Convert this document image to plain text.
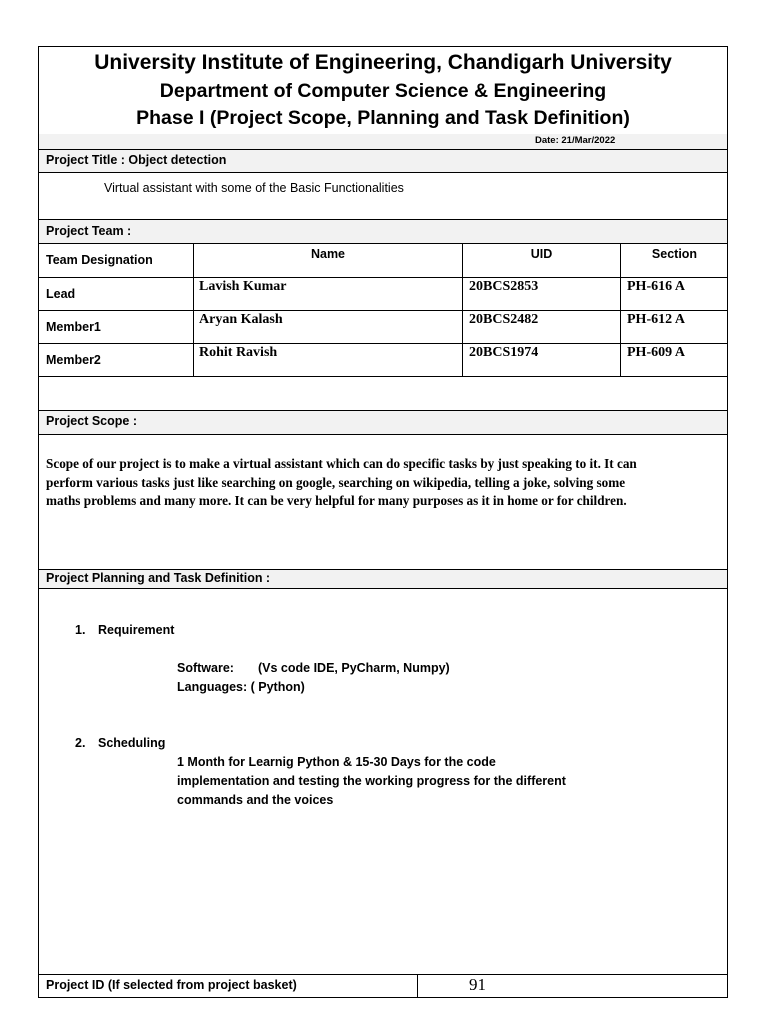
University Institute of Engineering, Chandigarh University
Department of Computer Science & Engineering
Phase I (Project Scope, Planning and Task Definition)
Date: 21/Mar/2022
Project Title : Object detection
Virtual assistant with some of the Basic Functionalities
Project Team :
Team Designation	Name	UID	Section
Lead	Lavish Kumar	20BCS2853	PH-616 A
Member1	Aryan Kalash	20BCS2482	PH-612 A
Member2	Rohit Ravish	20BCS1974	PH-609 A
Project Scope :
Scope of our project is to make a virtual assistant which can do specific tasks by just speaking to it. It can
perform various tasks just like searching on google, searching on wikipedia, telling a joke, solving some
maths problems and many more. It can be very helpful for many purposes as it in home or for children.
Project Planning and Task Definition :
1. Requirement
Software: (Vs code IDE, PyCharm, Numpy)
Languages: ( Python)
2. Scheduling
1 Month for Learnig Python & 15-30 Days for the code
implementation and testing the working progress for the different
commands and the voices
Project ID (If selected from project basket)	91
